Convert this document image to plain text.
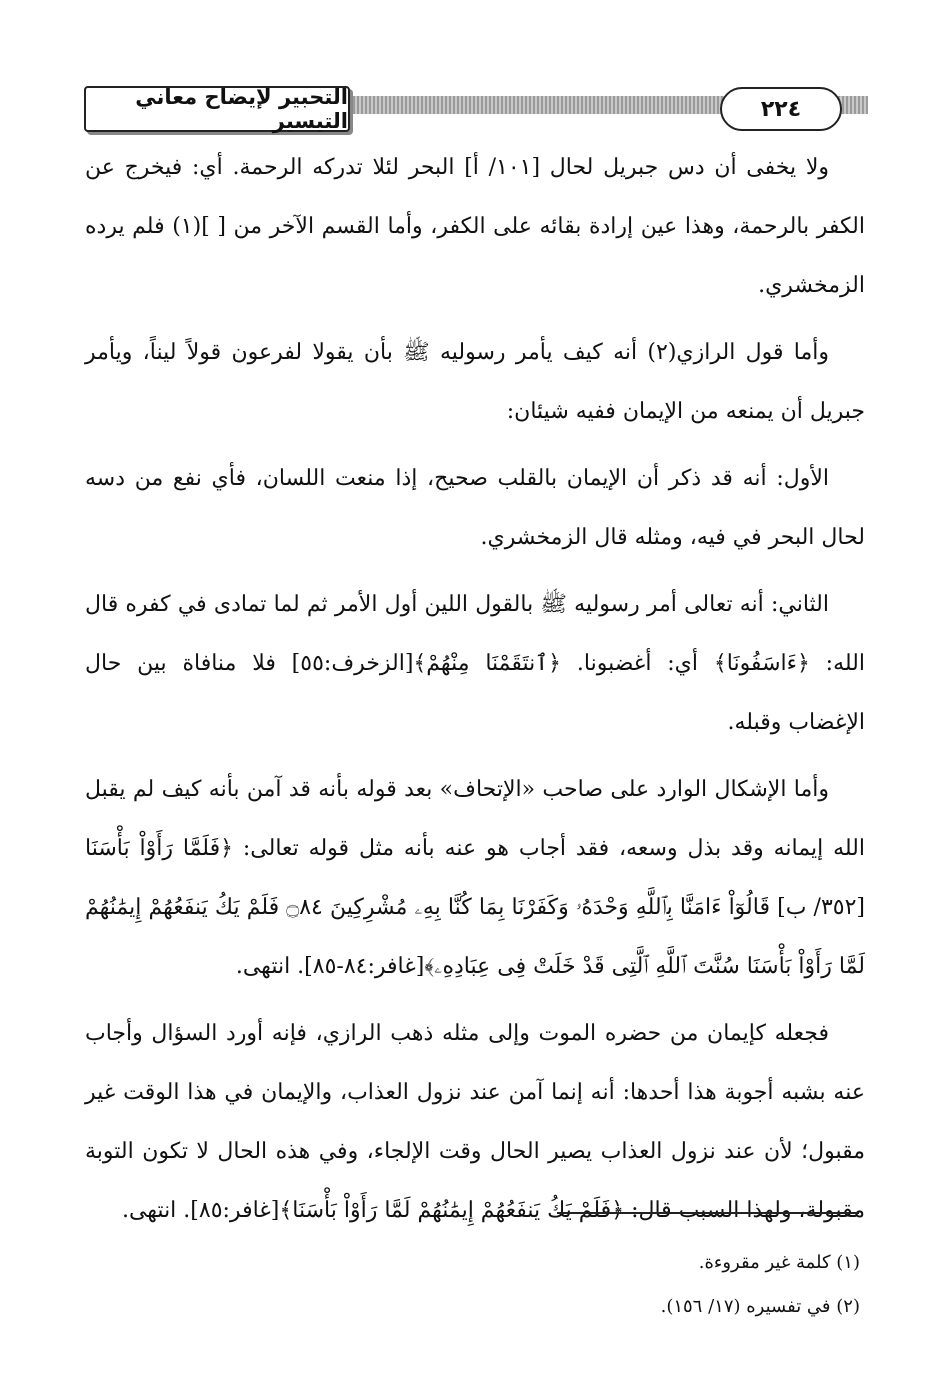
٢٢٤
التحبير لإيضاح معاني التيسير

ولا يخفى أن دس جبريل لحال [١٠١/ أ] البحر لئلا تدركه الرحمة. أي: فيخرج عن الكفر بالرحمة، وهذا عين إرادة بقائه على الكفر، وأما القسم الآخر من [ ](١) فلم يرده الزمخشري.

وأما قول الرازي(٢) أنه كيف يأمر رسوليه ﷺ بأن يقولا لفرعون قولاً ليناً، ويأمر جبريل أن يمنعه من الإيمان ففيه شيئان:

الأول: أنه قد ذكر أن الإيمان بالقلب صحيح، إذا منعت اللسان، فأي نفع من دسه لحال البحر في فيه، ومثله قال الزمخشري.

الثاني: أنه تعالى أمر رسوليه ﷺ بالقول اللين أول الأمر ثم لما تمادى في كفره قال الله: ﴿ءَاسَفُونَا﴾ أي: أغضبونا. ﴿ٱنتَقَمْنَا مِنْهُمْ﴾[الزخرف:٥٥] فلا منافاة بين حال الإغضاب وقبله.

وأما الإشكال الوارد على صاحب «الإتحاف» بعد قوله بأنه قد آمن بأنه كيف لم يقبل الله إيمانه وقد بذل وسعه، فقد أجاب هو عنه بأنه مثل قوله تعالى: ﴿فَلَمَّا رَأَوْاْ بَأْسَنَا [٣٥٢/ ب] قَالُوٓاْ ءَامَنَّا بِٱللَّهِ وَحْدَهُۥ وَكَفَرْنَا بِمَا كُنَّا بِهِۦ مُشْرِكِينَ ۝٨٤ فَلَمْ يَكُ يَنفَعُهُمْ إِيمَٰنُهُمْ لَمَّا رَأَوْاْ بَأْسَنَا سُنَّتَ ٱللَّهِ ٱلَّتِى قَدْ خَلَتْ فِى عِبَادِهِۦ﴾[غافر:٨٤-٨٥]. انتهى.

فجعله كإيمان من حضره الموت وإلى مثله ذهب الرازي، فإنه أورد السؤال وأجاب عنه بشبه أجوبة هذا أحدها: أنه إنما آمن عند نزول العذاب، والإيمان في هذا الوقت غير مقبول؛ لأن عند نزول العذاب يصير الحال وقت الإلجاء، وفي هذه الحال لا تكون التوبة مقبولة، ولهذا السبب قال: ﴿فَلَمْ يَكُ يَنفَعُهُمْ إِيمَٰنُهُمْ لَمَّا رَأَوْاْ بَأْسَنَا﴾[غافر:٨٥]. انتهى.

(١) كلمة غير مقروءة.
(٢) في تفسيره (١٧/ ١٥٦).
